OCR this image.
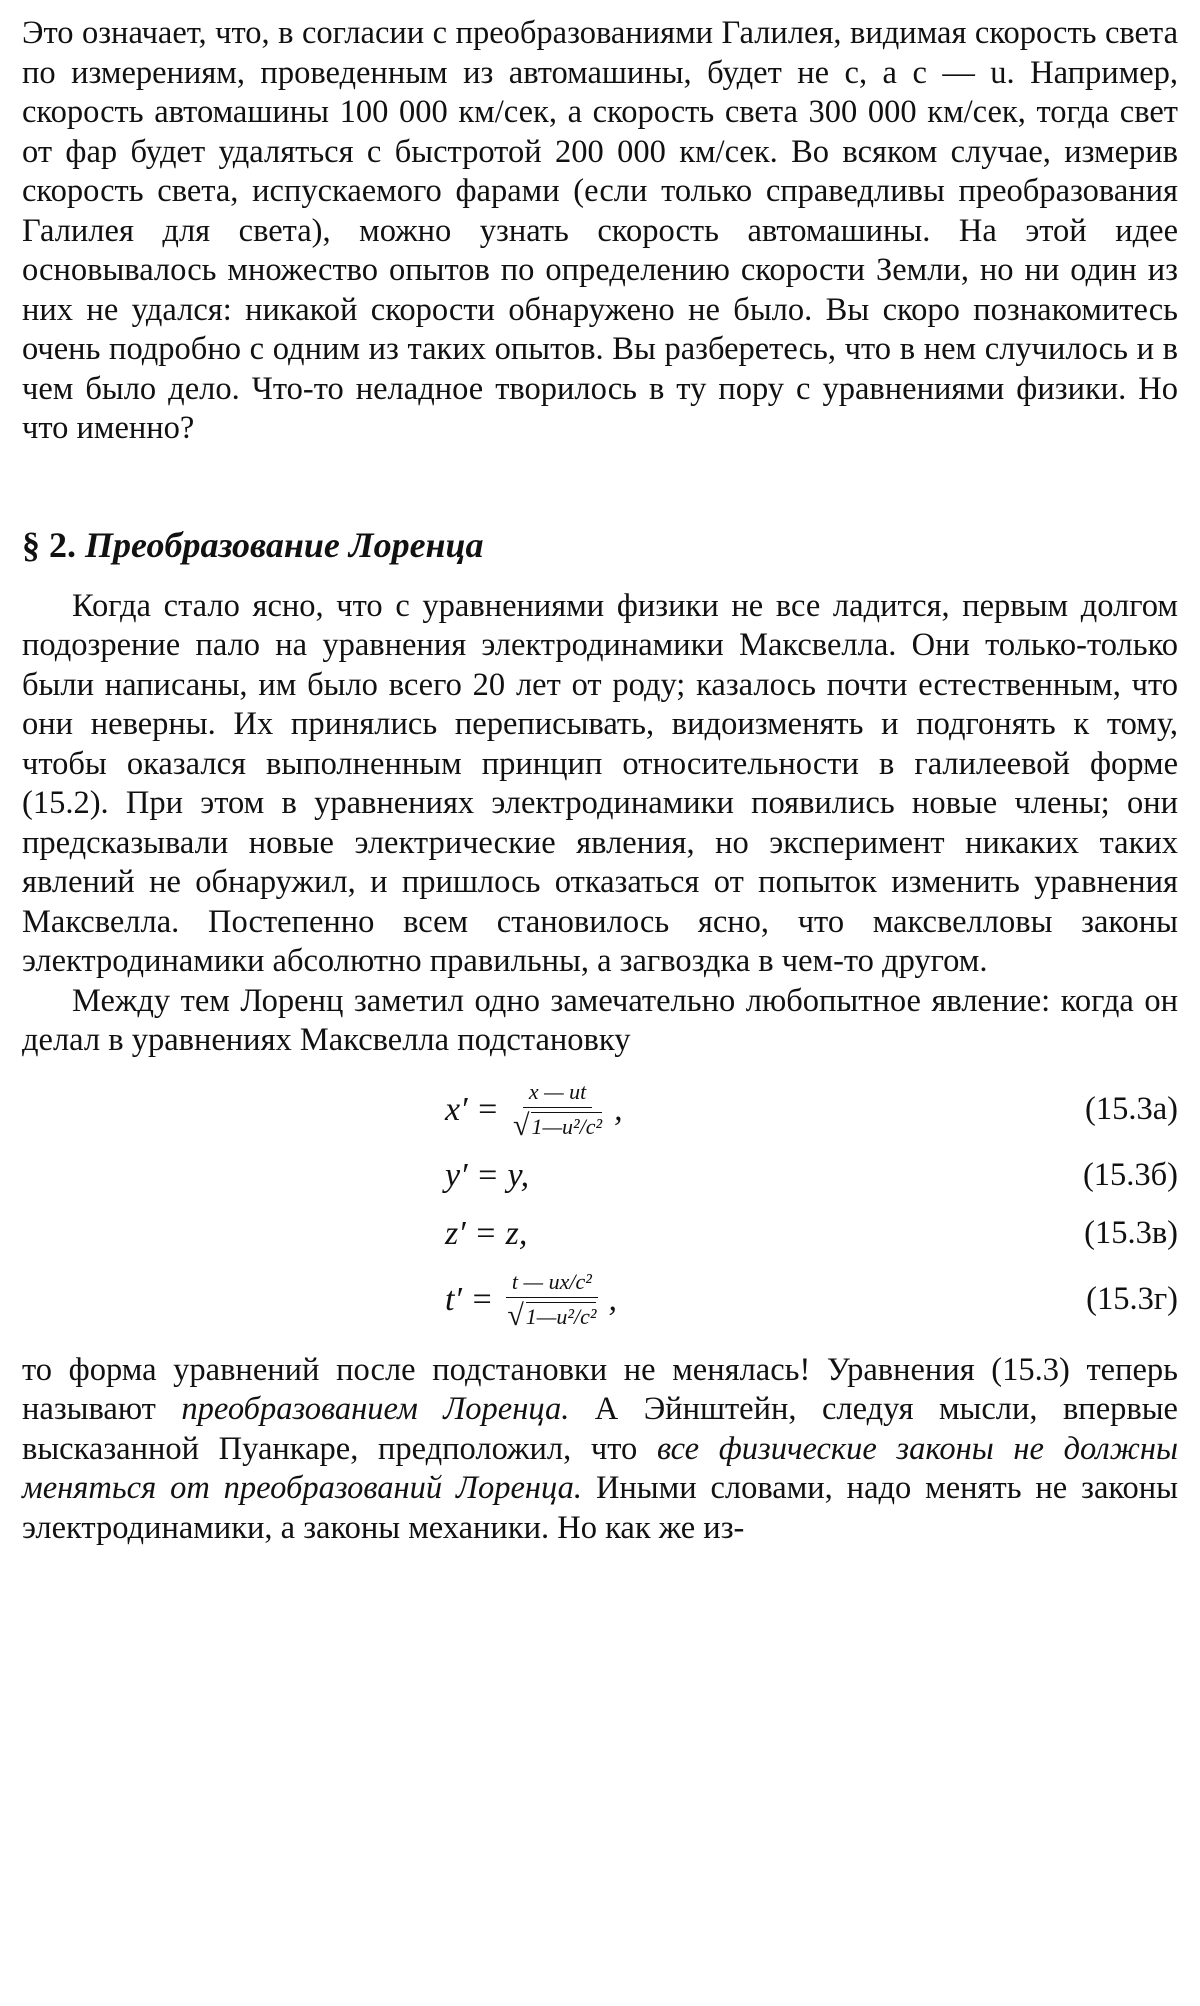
Это означает, что, в согласии с преобразованиями Галилея, видимая скорость света по измерениям, проведенным из автомашины, будет не c, а c — u. Например, скорость автомашины 100 000 км/сек, а скорость света 300 000 км/сек, тогда свет от фар будет удаляться с быстротой 200 000 км/сек. Во всяком случае, измерив скорость света, испускаемого фарами (если только справедливы преобразования Галилея для света), можно узнать скорость автомашины. На этой идее основывалось множество опытов по определению скорости Земли, но ни один из них не удался: никакой скорости обнаружено не было. Вы скоро познакомитесь очень подробно с одним из таких опытов. Вы разберетесь, что в нем случилось и в чем было дело. Что-то неладное творилось в ту пору с уравнениями физики. Но что именно?

§ 2. Преобразование Лоренца

Когда стало ясно, что с уравнениями физики не все ладится, первым долгом подозрение пало на уравнения электродинамики Максвелла. Они только-только были написаны, им было всего 20 лет от роду; казалось почти естественным, что они неверны. Их принялись переписывать, видоизменять и подгонять к тому, чтобы оказался выполненным принцип относительности в галилеевой форме (15.2). При этом в уравнениях электродинамики появились новые члены; они предсказывали новые электрические явления, но эксперимент никаких таких явлений не обнаружил, и пришлось отказаться от попыток изменить уравнения Максвелла. Постепенно всем становилось ясно, что максвелловы законы электродинамики абсолютно правильны, а загвоздка в чем-то другом.

Между тем Лоренц заметил одно замечательно любопытное явление: когда он делал в уравнениях Максвелла подстановку

$x' = \frac{x — ut}{\text{√ 1—u²/c²}}$ ,	(15.3а)
y′ = y,	(15.3б)
z′ = z,	(15.3в)
$t' = \frac{\text{t — ux/c²}}{\text{√ 1—u²/c²}}$ ,	(15.3г)

то форма уравнений после подстановки не менялась! Уравнения (15.3) теперь называют преобразованием Лоренца. А Эйнштейн, следуя мысли, впервые высказанной Пуанкаре, предположил, что все физические законы не должны меняться от преобразований Лоренца. Иными словами, надо менять не законы электродинамики, а законы механики. Но как же из-
